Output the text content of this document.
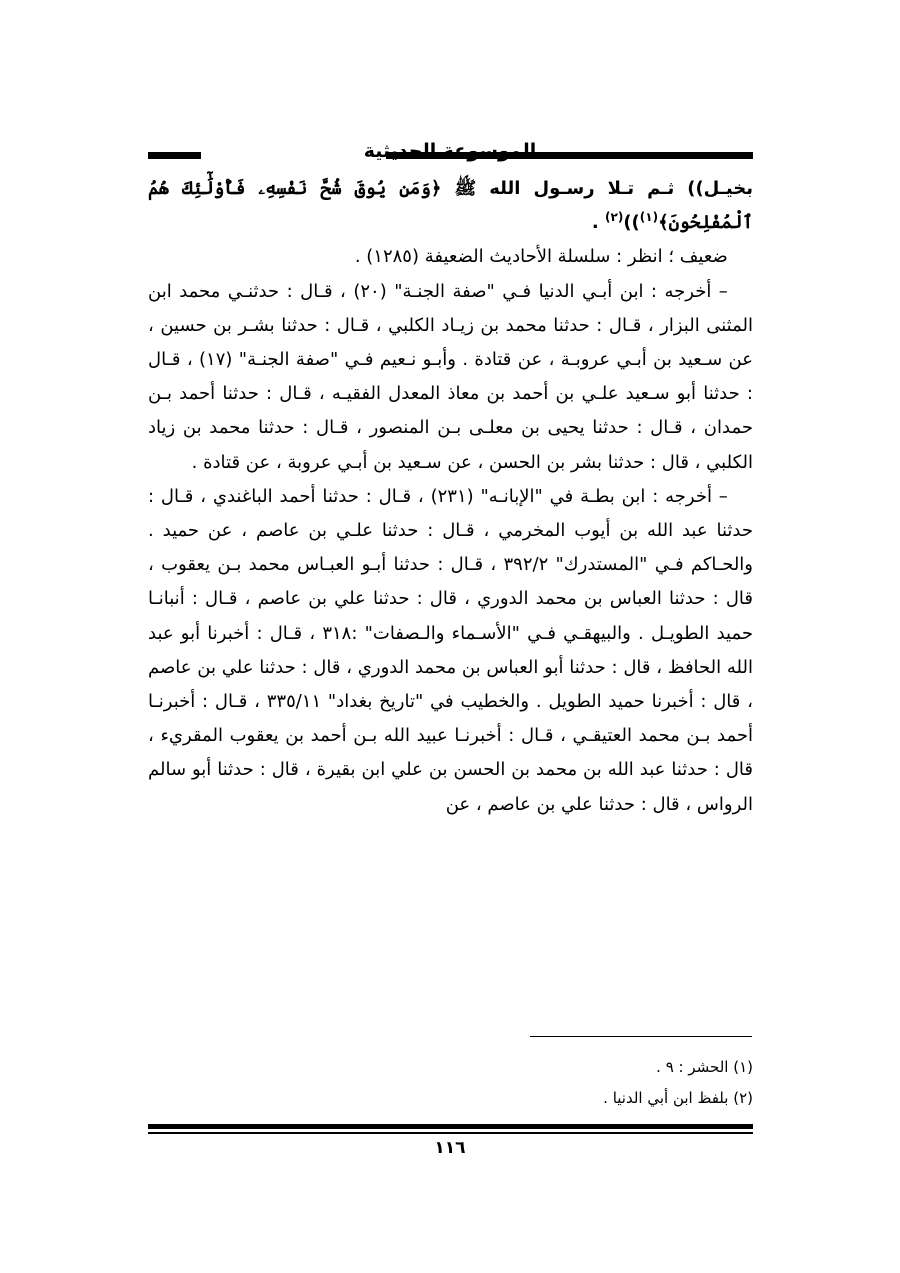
الموسوعة الحديثية

بخيـل)) ثـم تـلا رسـول الله ﷺ ﴿وَمَن يُوقَ شُحَّ نَفْسِهِۦ فَأُوْلَٰٓئِكَ هُمُ ٱلْمُفْلِحُونَ﴾$^{(١)}$))$^{(٢)}$ .

ضعيف ؛ انظر : سلسلة الأحاديث الضعيفة (١٢٨٥) .

– أخرجه : ابن أبـي الدنيا فـي "صفة الجنـة" (٢٠) ، قـال : حدثنـي محمد ابن المثنى البزار ، قـال : حدثنا محمد بن زيـاد الكلبي ، قـال : حدثنا بشـر بن حسين ، عن سـعيد بن أبـي عروبـة ، عن قتادة . وأبـو نـعيم فـي "صفة الجنـة" (١٧) ، قـال : حدثنا أبو سـعيد علـي بن أحمد بن معاذ المعدل الفقيـه ، قـال : حدثنا أحمد بـن حمدان ، قـال : حدثنا يحيى بن معلـى بـن المنصور ، قـال : حدثنا محمد بن زياد الكلبي ، قال : حدثنا بشر بن الحسن ، عن سـعيد بن أبـي عروبة ، عن قتادة .

– أخرجه : ابن بطـة في "الإبانـه" (٢٣١) ، قـال : حدثنا أحمد الباغندي ، قـال : حدثنا عبد الله بن أيوب المخرمي ، قـال : حدثنا علـي بن عاصم ، عن حميد . والحـاكم فـي "المستدرك" ٣٩٢/٢ ، قـال : حدثنا أبـو العبـاس محمد بـن يعقوب ، قال : حدثنا العباس بن محمد الدوري ، قال : حدثنا علي بن عاصم ، قـال : أنبانـا حميد الطويـل . والبيهقـي فـي "الأسـماء والـصفات" :٣١٨ ، قـال : أخبرنا أبو عبد الله الحافظ ، قال : حدثنا أبو العباس بن محمد الدوري ، قال : حدثنا علي بن عاصم ، قال : أخبرنا حميد الطويل . والخطيب في "تاريخ بغداد" ٣٣٥/١١ ، قـال : أخبرنـا أحمد بـن محمد العتيقـي ، قـال : أخبرنـا عبيد الله بـن أحمد بن يعقوب المقريء ، قال : حدثنا عبد الله بن محمد بن الحسن بن علي ابن بقيرة ، قال : حدثنا أبو سالم الرواس ، قال : حدثنا علي بن عاصم ، عن

(١) الحشر : ٩ .

(٢) بلفظ ابن أبي الدنيا .

١١٦
